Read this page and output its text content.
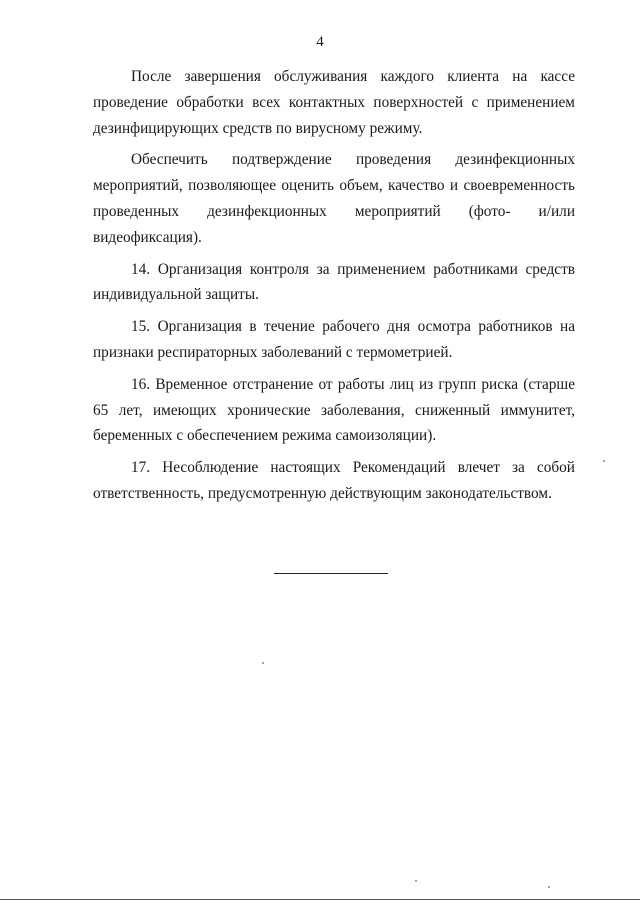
4

После завершения обслуживания каждого клиента на кассе проведение обработки всех контактных поверхностей с применением дезинфицирующих средств по вирусному режиму.

Обеспечить подтверждение проведения дезинфекционных мероприятий, позволяющее оценить объем, качество и своевременность проведенных дезинфекционных мероприятий (фото- и/или видеофиксация).

14. Организация контроля за применением работниками средств индивидуальной защиты.

15. Организация в течение рабочего дня осмотра работников на признаки респираторных заболеваний с термометрией.

16. Временное отстранение от работы лиц из групп риска (старше 65 лет, имеющих хронические заболевания, сниженный иммунитет, беременных с обеспечением режима самоизоляции).

17. Несоблюдение настоящих Рекомендаций влечет за собой ответственность, предусмотренную действующим законодательством.
